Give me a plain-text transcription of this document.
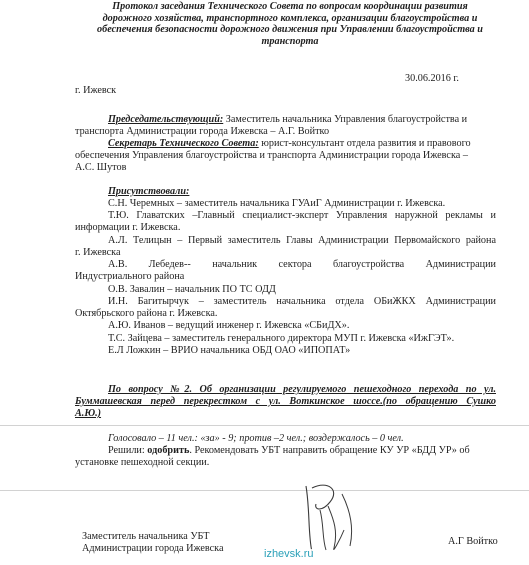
Протокол заседания Технического Совета по вопросам координации развития
дорожного хозяйства, транспортного комплекса, организации благоустройства и
обеспечения безопасности дорожного движения при Управлении благоустройства и
транспорта
г. Ижевск
30.06.2016 г.
Председательствующий: Заместитель начальника Управления благоустройства и
транспорта Администрации города Ижевска – А.Г. Войтко
Секретарь Технического Совета: юрист-консультант отдела развития и правового
обеспечения Управления благоустройства и транспорта Администрации города Ижевска –
А.С. Шутов
Присутствовали:
С.Н. Черемных – заместитель начальника ГУАиГ Администрации г. Ижевска.
Т.Ю. Главатских –Главный специалист-эксперт Управления наружной рекламы и
информации г. Ижевска.
А.Л. Телицын – Первый заместитель Главы Администрации Первомайского района
г. Ижевска
А.В. Лебедев-- начальник сектора благоустройства Администрации
Индустриального района
О.В. Завалин – начальник ПО ТС ОДД
И.Н. Багитырчук – заместитель начальника отдела ОБиЖКХ Администрации
Октябрьского района г. Ижевска.
А.Ю. Иванов – ведущий инженер г. Ижевска «СБиДХ».
Т.С. Зайцева – заместитель генерального директора МУП г. Ижевска «ИжГЭТ».
Е.Л Ложкин – ВРИО начальника ОБД ОАО «ИПОПАТ»
По вопросу №2. Об организации регулируемого пешеходного перехода по ул.
Буммашевская перед перекрестком с ул. Воткинское шоссе.(по обращению Сушко
А.Ю.)
Голосовало – 11 чел.: «за» - 9; против –2 чел.; воздержалось – 0 чел.
Решили: одобрить. Рекомендовать УБТ направить обращение КУ УР «БДД УР» об
установке пешеходной секции.
Заместитель начальника УБТ
Администрации города Ижевска
А.Г Войтко
izhevsk.ru
